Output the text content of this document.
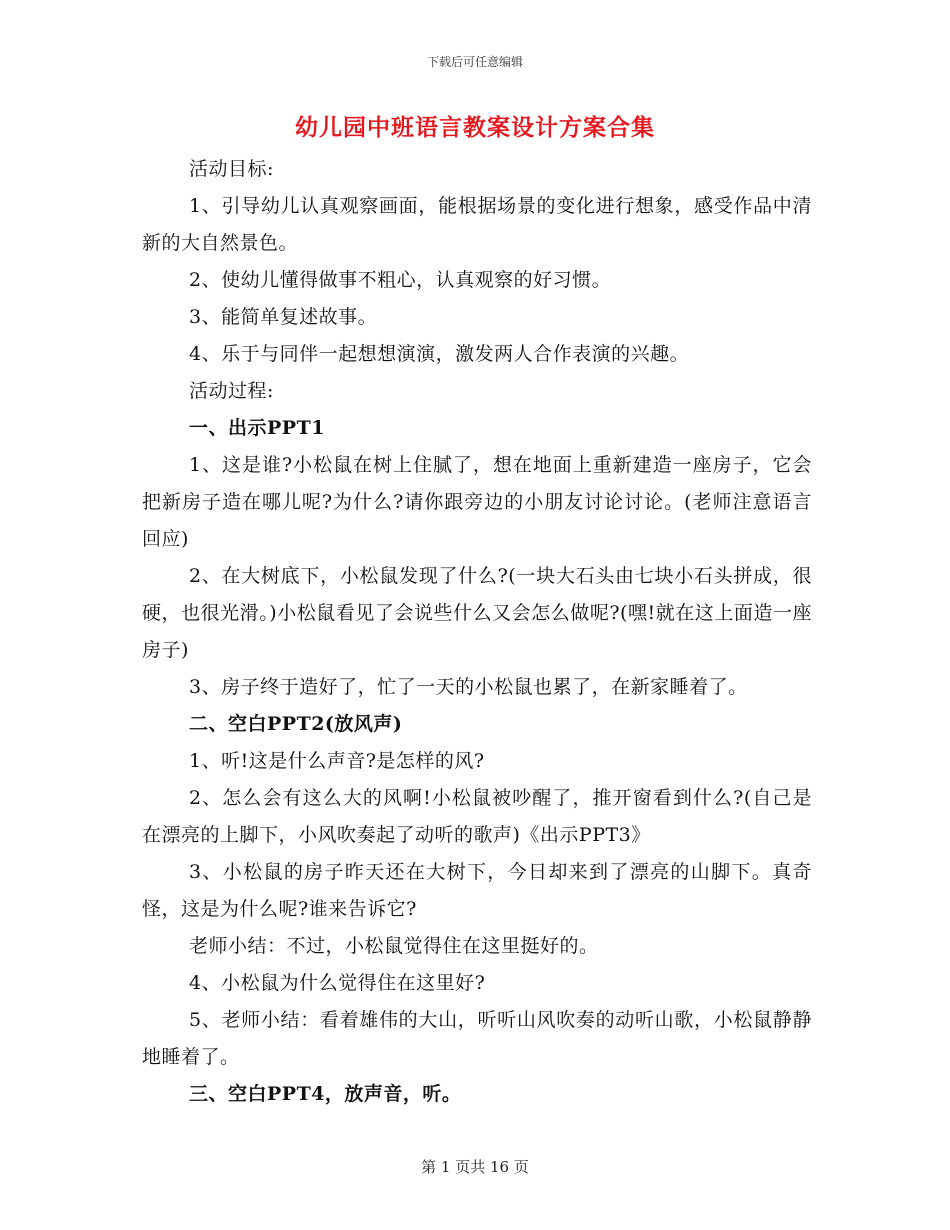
下载后可任意编辑
幼儿园中班语言教案设计方案合集

活动目标:

1、引导幼儿认真观察画面，能根据场景的变化进行想象，感受作品中清新的大自然景色。

2、使幼儿懂得做事不粗心，认真观察的好习惯。

3、能简单复述故事。

4、乐于与同伴一起想想演演，激发两人合作表演的兴趣。

活动过程:

一、出示PPT1

1、这是谁?小松鼠在树上住腻了，想在地面上重新建造一座房子，它会把新房子造在哪儿呢?为什么?请你跟旁边的小朋友讨论讨论。(老师注意语言回应)

2、在大树底下，小松鼠发现了什么?(一块大石头由七块小石头拼成，很硬，也很光滑。)小松鼠看见了会说些什么又会怎么做呢?(嘿!就在这上面造一座房子)

3、房子终于造好了，忙了一天的小松鼠也累了，在新家睡着了。

二、空白PPT2(放风声)

1、听!这是什么声音?是怎样的风?

2、怎么会有这么大的风啊!小松鼠被吵醒了，推开窗看到什么?(自己是在漂亮的上脚下，小风吹奏起了动听的歌声)《出示PPT3》

3、小松鼠的房子昨天还在大树下，今日却来到了漂亮的山脚下。真奇怪，这是为什么呢?谁来告诉它?

老师小结：不过，小松鼠觉得住在这里挺好的。

4、小松鼠为什么觉得住在这里好?

5、老师小结：看着雄伟的大山，听听山风吹奏的动听山歌，小松鼠静静地睡着了。

三、空白PPT4，放声音，听。

第 1 页共 16 页
